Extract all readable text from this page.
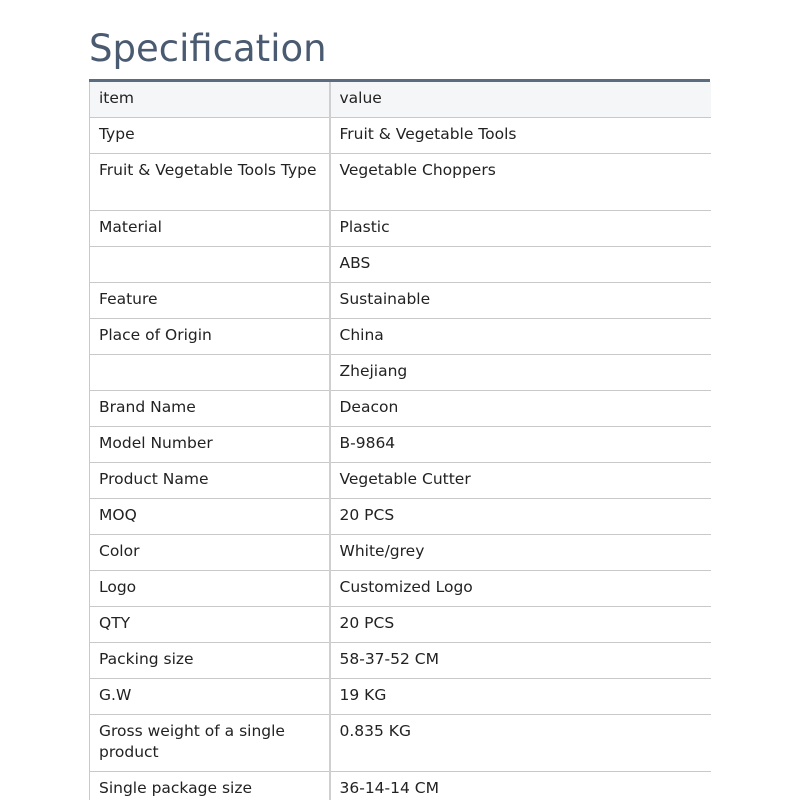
Specification
item	value
Type	Fruit & Vegetable Tools
Fruit & Vegetable Tools Type	Vegetable Choppers
Material	Plastic
	ABS
Feature	Sustainable
Place of Origin	China
	Zhejiang
Brand Name	Deacon
Model Number	B-9864
Product Name	Vegetable Cutter
MOQ	20 PCS
Color	White/grey
Logo	Customized Logo
QTY	20 PCS
Packing size	58-37-52 CM
G.W	19 KG
Gross weight of a single product	0.835 KG
Single package size	36-14-14 CM
